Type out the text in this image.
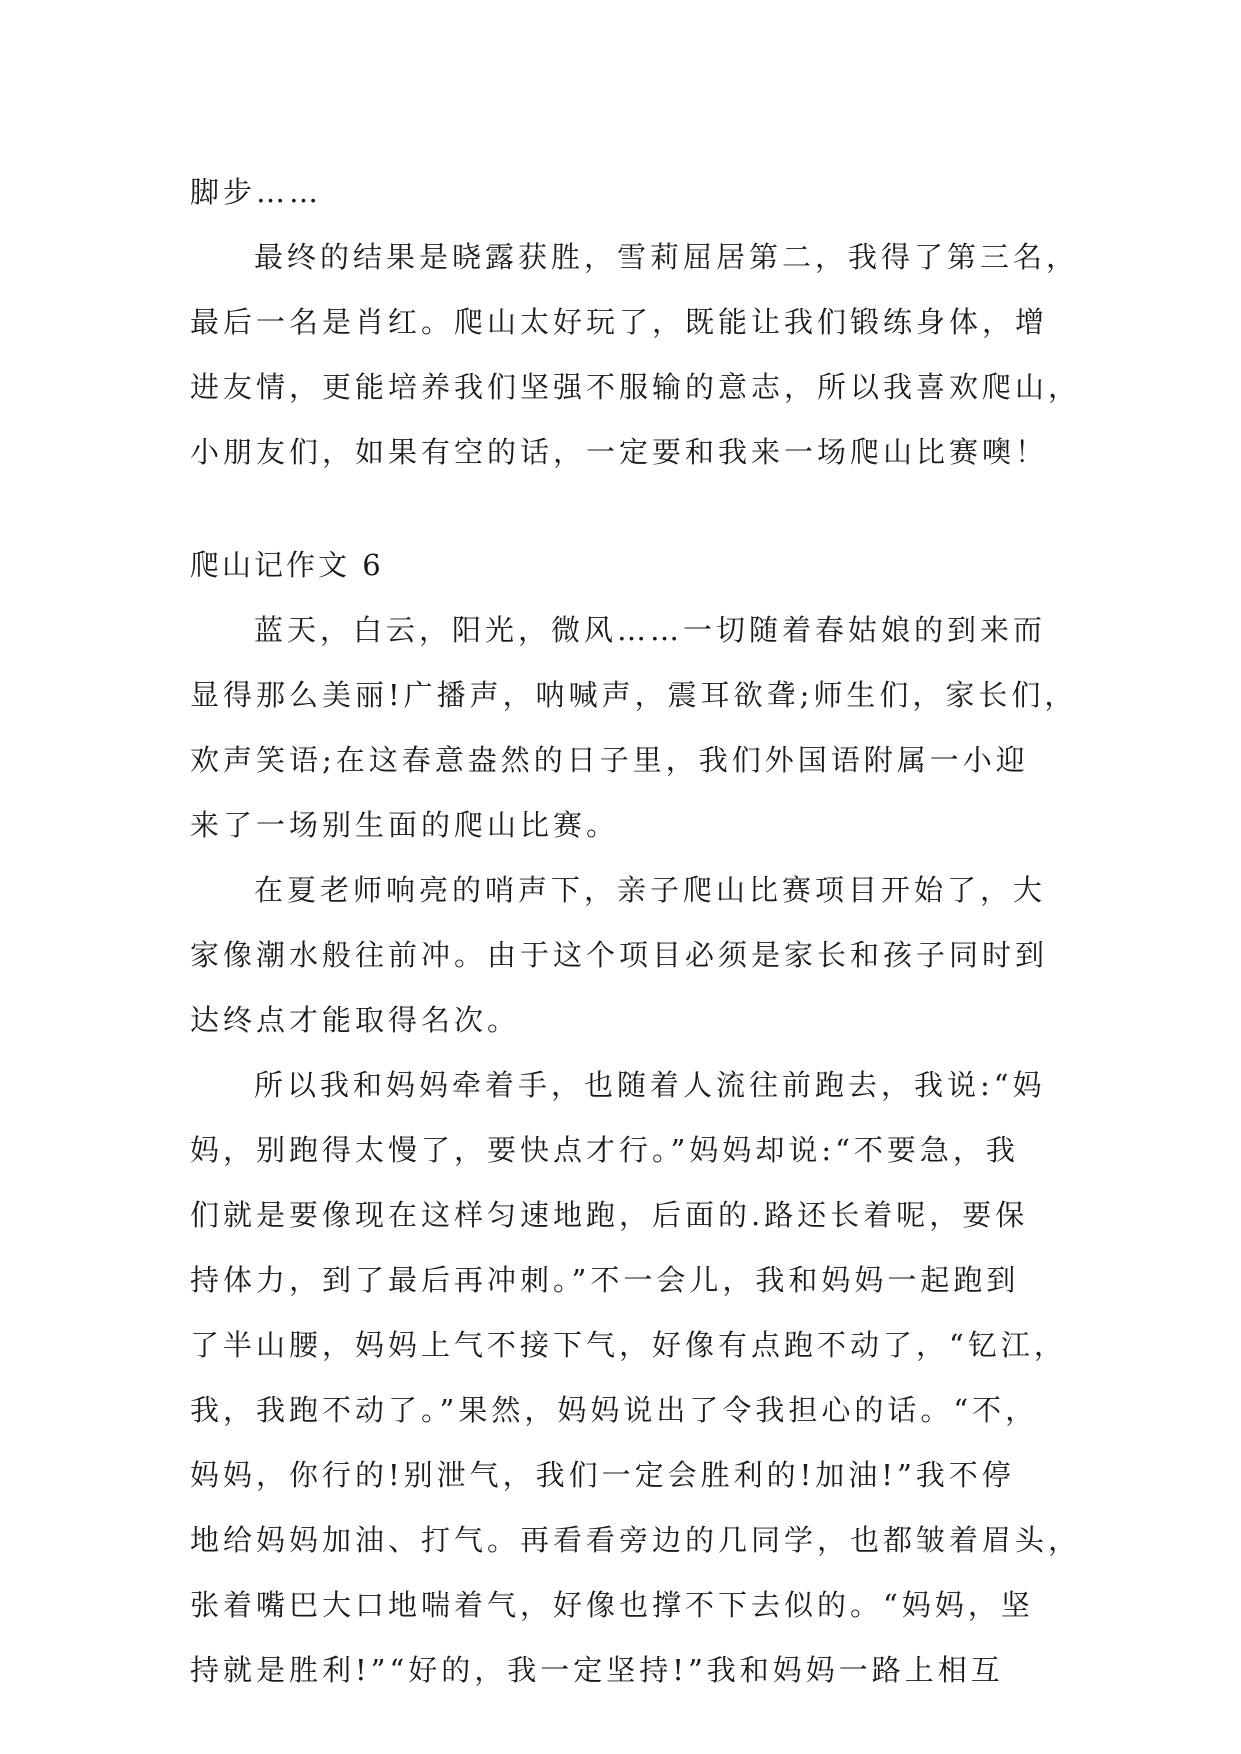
脚步……
最终的结果是晓露获胜，雪莉屈居第二，我得了第三名，
最后一名是肖红。爬山太好玩了，既能让我们锻练身体，增
进友情，更能培养我们坚强不服输的意志，所以我喜欢爬山，
小朋友们，如果有空的话，一定要和我来一场爬山比赛噢！
爬山记作文 6
蓝天，白云，阳光，微风……一切随着春姑娘的到来而
显得那么美丽!广播声，呐喊声，震耳欲聋;师生们，家长们，
欢声笑语;在这春意盎然的日子里，我们外国语附属一小迎
来了一场别生面的爬山比赛。
在夏老师响亮的哨声下，亲子爬山比赛项目开始了，大
家像潮水般往前冲。由于这个项目必须是家长和孩子同时到
达终点才能取得名次。
所以我和妈妈牵着手，也随着人流往前跑去，我说:“妈
妈，别跑得太慢了，要快点才行。”妈妈却说:“不要急，我
们就是要像现在这样匀速地跑，后面的.路还长着呢，要保
持体力，到了最后再冲刺。”不一会儿，我和妈妈一起跑到
了半山腰，妈妈上气不接下气，好像有点跑不动了，“钇江，
我，我跑不动了。”果然，妈妈说出了令我担心的话。“不，
妈妈，你行的!别泄气，我们一定会胜利的!加油!”我不停
地给妈妈加油、打气。再看看旁边的几同学，也都皱着眉头，
张着嘴巴大口地喘着气，好像也撑不下去似的。“妈妈，坚
持就是胜利!”“好的，我一定坚持!”我和妈妈一路上相互
